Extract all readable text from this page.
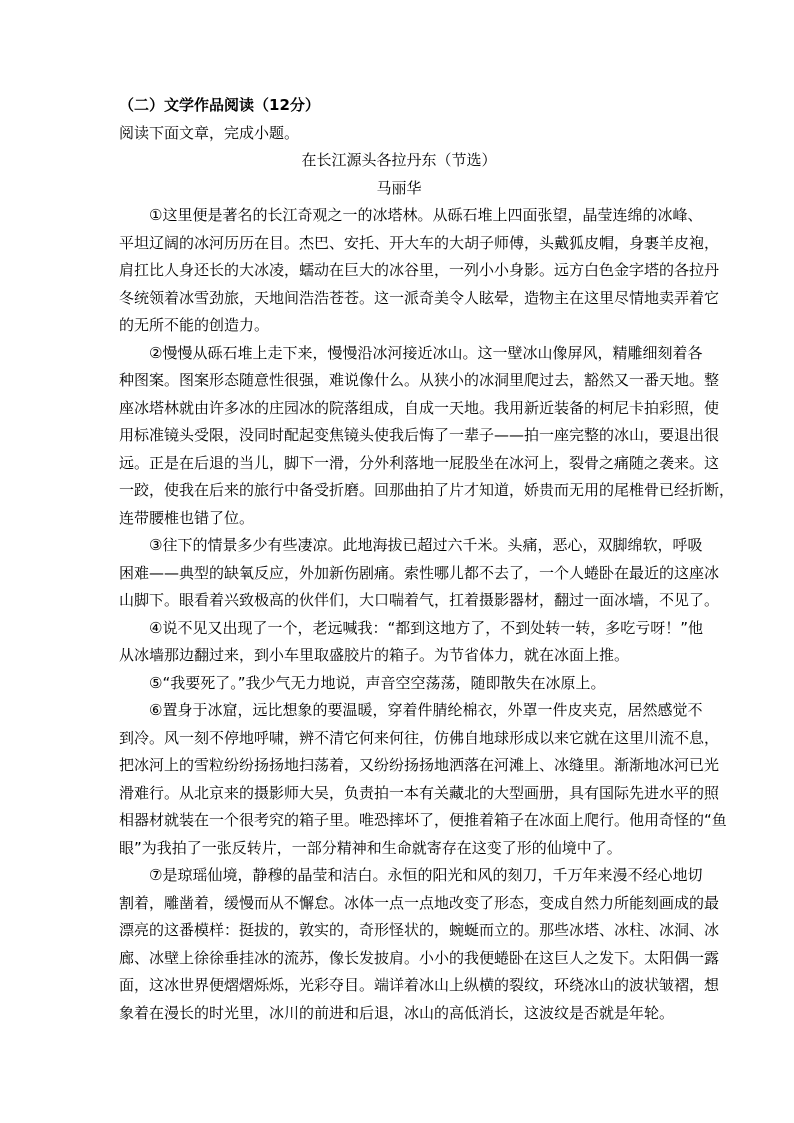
（二）文学作品阅读（12分）
阅读下面文章，完成小题。
在长江源头各拉丹东（节选）
马丽华
①这里便是著名的长江奇观之一的冰塔林。从砾石堆上四面张望，晶莹连绵的冰峰、
平坦辽阔的冰河历历在目。杰巴、安托、开大车的大胡子师傅，头戴狐皮帽，身裹羊皮袍，
肩扛比人身还长的大冰凌，蠕动在巨大的冰谷里，一列小小身影。远方白色金字塔的各拉丹
冬统领着冰雪劲旅，天地间浩浩苍苍。这一派奇美令人眩晕，造物主在这里尽情地卖弄着它
的无所不能的创造力。
②慢慢从砾石堆上走下来，慢慢沿冰河接近冰山。这一壁冰山像屏风，精雕细刻着各
种图案。图案形态随意性很强，难说像什么。从狭小的冰洞里爬过去，豁然又一番天地。整
座冰塔林就由许多冰的庄园冰的院落组成，自成一天地。我用新近装备的柯尼卡拍彩照，使
用标准镜头受限，没同时配起变焦镜头使我后悔了一辈子——拍一座完整的冰山，要退出很
远。正是在后退的当儿，脚下一滑，分外利落地一屁股坐在冰河上，裂骨之痛随之袭来。这
一跤，使我在后来的旅行中备受折磨。回那曲拍了片才知道，娇贵而无用的尾椎骨已经折断，
连带腰椎也错了位。
③往下的情景多少有些凄凉。此地海拔已超过六千米。头痛，恶心，双脚绵软，呼吸
困难——典型的缺氧反应，外加新伤剧痛。索性哪儿都不去了，一个人蜷卧在最近的这座冰
山脚下。眼看着兴致极高的伙伴们，大口喘着气，扛着摄影器材，翻过一面冰墙，不见了。
④说不见又出现了一个，老远喊我：“都到这地方了，不到处转一转，多吃亏呀！”他
从冰墙那边翻过来，到小车里取盛胶片的箱子。为节省体力，就在冰面上推。
⑤“我要死了。”我少气无力地说，声音空空荡荡，随即散失在冰原上。
⑥置身于冰窟，远比想象的要温暖，穿着件腈纶棉衣，外罩一件皮夹克，居然感觉不
到冷。风一刻不停地呼啸，辨不清它何来何往，仿佛自地球形成以来它就在这里川流不息，
把冰河上的雪粒纷纷扬扬地扫荡着，又纷纷扬扬地洒落在河滩上、冰缝里。渐渐地冰河已光
滑难行。从北京来的摄影师大吴，负责拍一本有关藏北的大型画册，具有国际先进水平的照
相器材就装在一个很考究的箱子里。唯恐摔坏了，便推着箱子在冰面上爬行。他用奇怪的“鱼
眼”为我拍了一张反转片，一部分精神和生命就寄存在这变了形的仙境中了。
⑦是琼瑶仙境，静穆的晶莹和洁白。永恒的阳光和风的刻刀，千万年来漫不经心地切
割着，雕凿着，缓慢而从不懈怠。冰体一点一点地改变了形态，变成自然力所能刻画成的最
漂亮的这番模样：挺拔的，敦实的，奇形怪状的，蜿蜒而立的。那些冰塔、冰柱、冰洞、冰
廊、冰壁上徐徐垂挂冰的流苏，像长发披肩。小小的我便蜷卧在这巨人之发下。太阳偶一露
面，这冰世界便熠熠烁烁，光彩夺目。端详着冰山上纵横的裂纹，环绕冰山的波状皱褶，想
象着在漫长的时光里，冰川的前进和后退，冰山的高低消长，这波纹是否就是年轮。
